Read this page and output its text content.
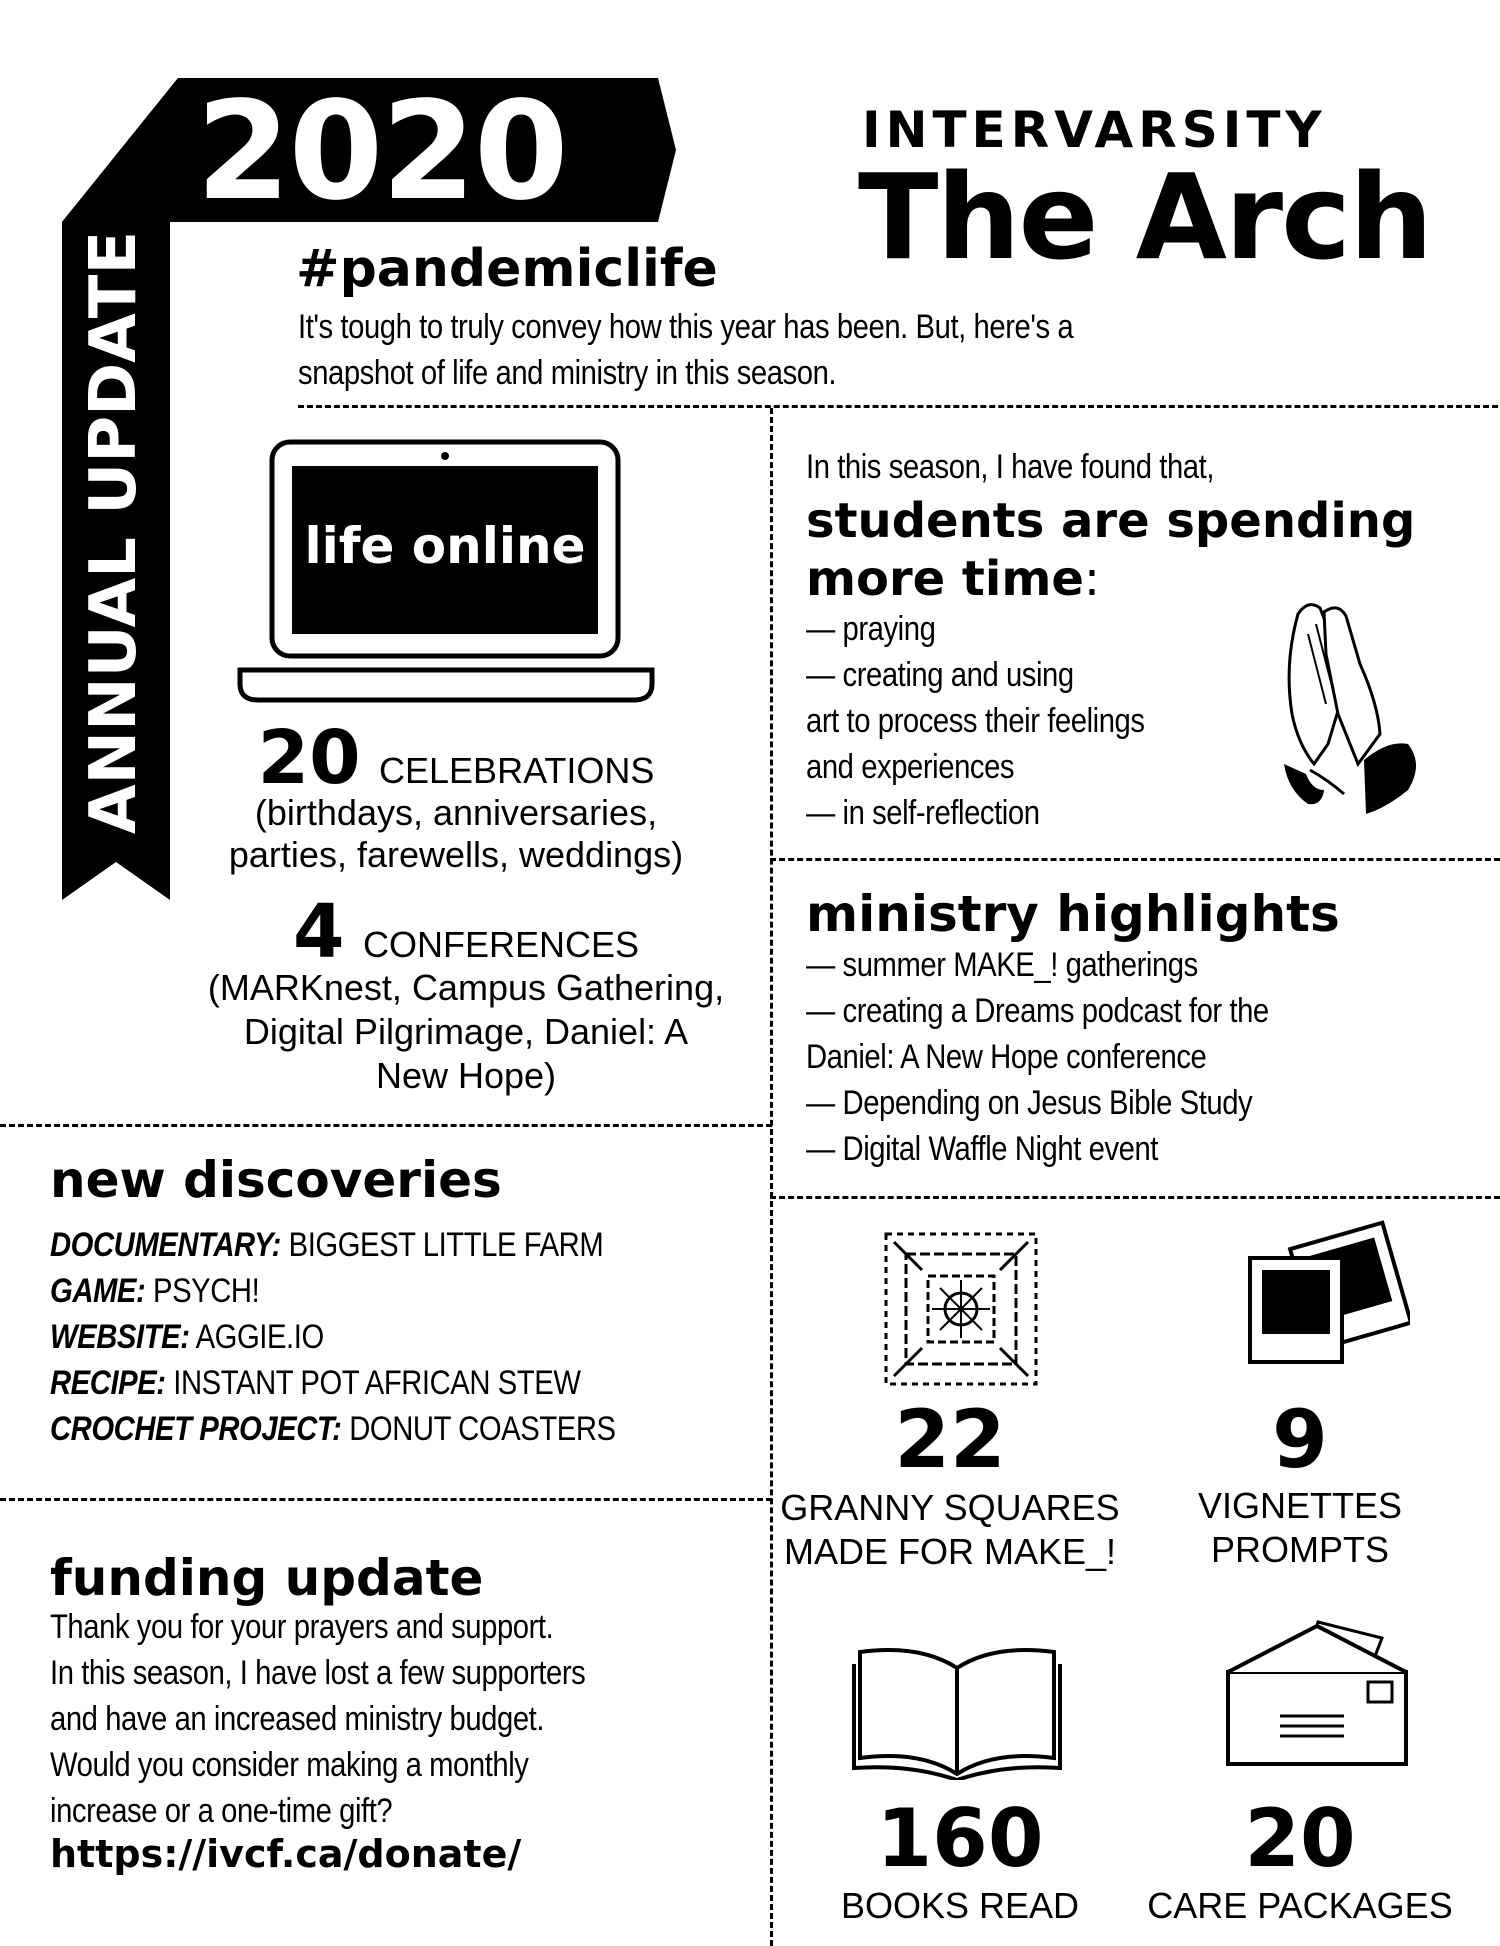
2020
ANNUAL UPDATE
INTERVARSITY
The Arch
#pandemiclife
It's tough to truly convey how this year has been. But, here's a
snapshot of life and ministry in this season.
life online
20 CELEBRATIONS
(birthdays, anniversaries,
parties, farewells, weddings)
4 CONFERENCES
(MARKnest, Campus Gathering,
Digital Pilgrimage, Daniel: A
New Hope)
In this season, I have found that,
students are spending
more time:
— praying
— creating and using
art to process their feelings
and experiences
— in self-reflection
ministry highlights
— summer MAKE_! gatherings
— creating a Dreams podcast for the
Daniel: A New Hope conference
— Depending on Jesus Bible Study
— Digital Waffle Night event
new discoveries
DOCUMENTARY: BIGGEST LITTLE FARM
GAME: PSYCH!
WEBSITE: AGGIE.IO
RECIPE: INSTANT POT AFRICAN STEW
CROCHET PROJECT: DONUT COASTERS
funding update
Thank you for your prayers and support.
In this season, I have lost a few supporters
and have an increased ministry budget.
Would you consider making a monthly
increase or a one-time gift?
https://ivcf.ca/donate/
22
GRANNY SQUARES
MADE FOR MAKE_!
9
VIGNETTES
PROMPTS
160
BOOKS READ
20
CARE PACKAGES
